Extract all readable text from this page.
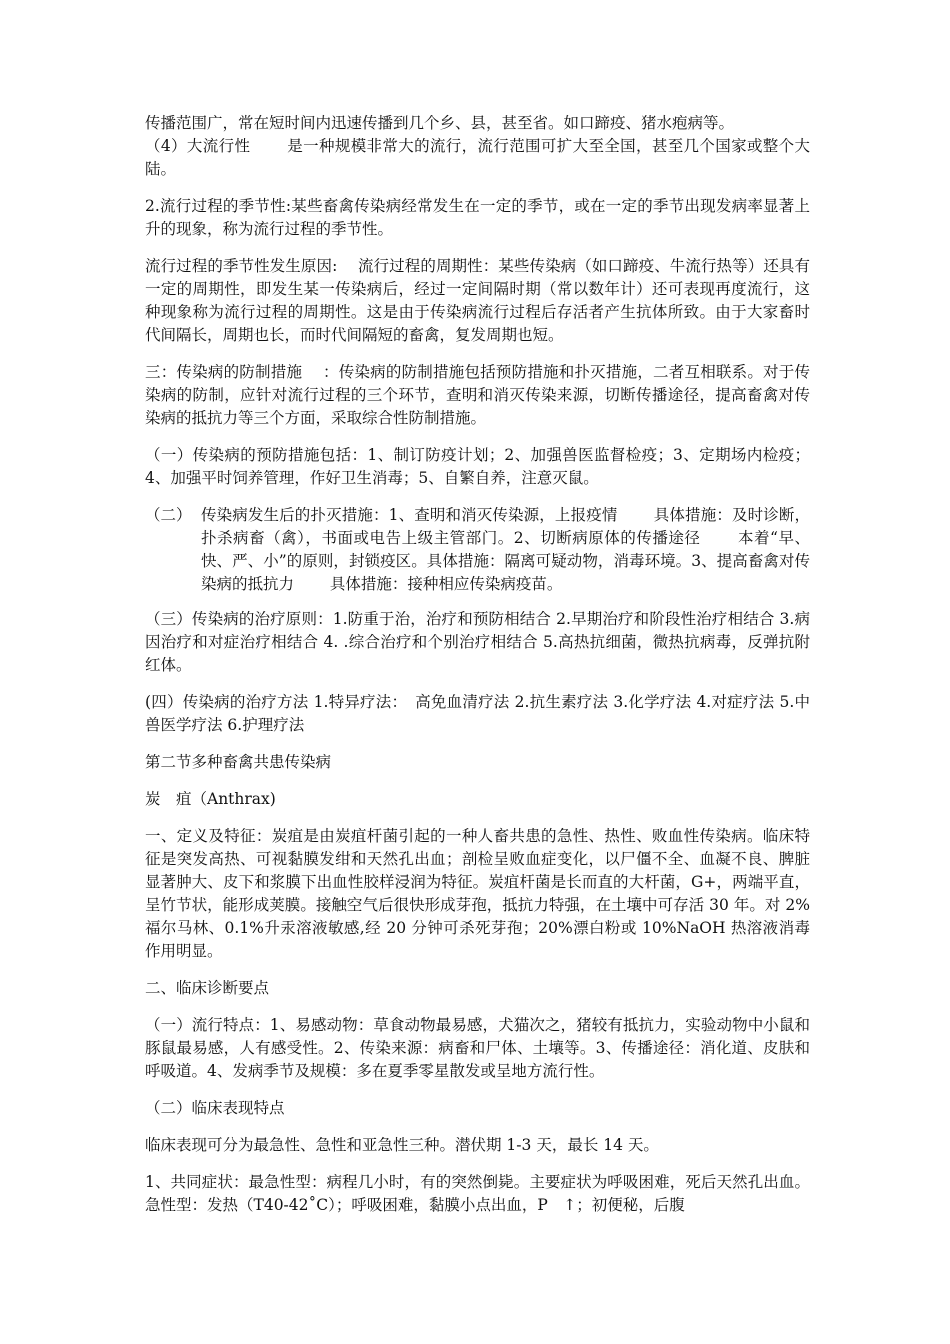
传播范围广，常在短时间内迅速传播到几个乡、县，甚至省。如口蹄疫、猪水疱病等。

（4）大流行性　　 是一种规模非常大的流行，流行范围可扩大至全国，甚至几个国家或整个大陆。

2.流行过程的季节性:某些畜禽传染病经常发生在一定的季节，或在一定的季节出现发病率显著上升的现象，称为流行过程的季节性。

流行过程的季节性发生原因:　 流行过程的周期性：某些传染病（如口蹄疫、牛流行热等）还具有一定的周期性，即发生某一传染病后，经过一定间隔时期（常以数年计）还可表现再度流行，这种现象称为流行过程的周期性。这是由于传染病流行过程后存活者产生抗体所致。由于大家畜时代间隔长，周期也长，而时代间隔短的畜禽，复发周期也短。

三：传染病的防制措施　 ：传染病的防制措施包括预防措施和扑灭措施，二者互相联系。对于传染病的防制，应针对流行过程的三个环节，查明和消灭传染来源，切断传播途径，提高畜禽对传染病的抵抗力等三个方面，采取综合性防制措施。

（一）传染病的预防措施包括：1、制订防疫计划；2、加强兽医监督检疫；3、定期场内检疫；4、加强平时饲养管理，作好卫生消毒；5、自繁自养，注意灭鼠。

（二） 传染病发生后的扑灭措施：1、查明和消灭传染源，上报疫情　　 具体措施：及时诊断，扑杀病畜（禽），书面或电告上级主管部门。2、切断病原体的传播途径　　 本着“早、快、严、小”的原则，封锁疫区。具体措施：隔离可疑动物，消毒环境。3、提高畜禽对传染病的抵抗力　　 具体措施：接种相应传染病疫苗。

（三）传染病的治疗原则：1.防重于治，治疗和预防相结合 2.早期治疗和阶段性治疗相结合 3.病因治疗和对症治疗相结合 4. .综合治疗和个别治疗相结合 5.高热抗细菌，微热抗病毒，反弹抗附红体。

(四）传染病的治疗方法 1.特异疗法：　高免血清疗法 2.抗生素疗法 3.化学疗法 4.对症疗法 5.中兽医学疗法 6.护理疗法

第二节多种畜禽共患传染病

炭　疽（Anthrax)

一、定义及特征：炭疽是由炭疽杆菌引起的一种人畜共患的急性、热性、败血性传染病。临床特征是突发高热、可视黏膜发绀和天然孔出血；剖检呈败血症变化，以尸僵不全、血凝不良、脾脏显著肿大、皮下和浆膜下出血性胶样浸润为特征。炭疽杆菌是长而直的大杆菌，G+，两端平直，呈竹节状，能形成荚膜。接触空气后很快形成芽孢，抵抗力特强，在土壤中可存活 30 年。对 2%福尔马林、0.1%升汞溶液敏感,经 20 分钟可杀死芽孢；20%漂白粉或 10%NaOH 热溶液消毒作用明显。

二、临床诊断要点

（一）流行特点：1、易感动物：草食动物最易感，犬猫次之，猪较有抵抗力，实验动物中小鼠和豚鼠最易感，人有感受性。2、传染来源：病畜和尸体、土壤等。3、传播途径：消化道、皮肤和呼吸道。4、发病季节及规模：多在夏季零星散发或呈地方流行性。

（二）临床表现特点

临床表现可分为最急性、急性和亚急性三种。潜伏期 1-3 天，最长 14 天。

1、共同症状：最急性型：病程几小时，有的突然倒毙。主要症状为呼吸困难，死后天然孔出血。急性型：发热（T40-42˚C）；呼吸困难，黏膜小点出血，P　↑；初便秘，后腹
